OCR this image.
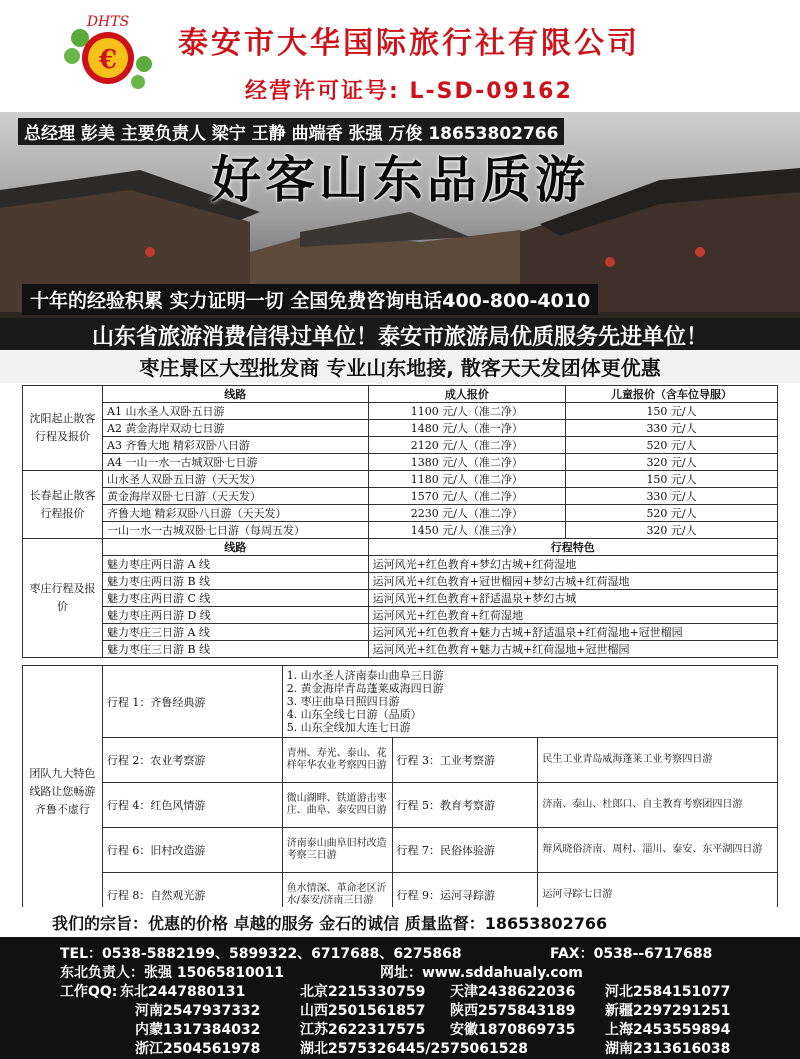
€
DHTS
泰安市大华国际旅行社有限公司
经营许可证号: L-SD-09162
总经理 彭美 主要负责人 梁宁 王静 曲端香 张强 万俊 18653802766
好客山东品质游
十年的经验积累 实力证明一切 全国免费咨询电话400-800-4010
山东省旅游消费信得过单位！泰安市旅游局优质服务先进单位！
枣庄景区大型批发商 专业山东地接, 散客天天发团体更优惠
沈阳起止散客行程及报价	线路	成人报价	儿童报价（含车位导服）
	A1 山水圣人双卧五日游	1100 元/人（准二净）	150 元/人
	A2 黄金海岸双动七日游	1480 元/人（准一净）	330 元/人
	A3 齐鲁大地 精彩双卧八日游	2120 元/人（准二净）	520 元/人
	A4 一山一水一古城双卧七日游	1380 元/人（准二净）	320 元/人
长春起止散客行程报价	山水圣人双卧五日游（天天发）	1180 元/人（准二净）	150 元/人
	黄金海岸双卧七日游（天天发）	1570 元/人（准二净）	330 元/人
	齐鲁大地 精彩双卧八日游（天天发）	2230 元/人（准二净）	520 元/人
	一山一水一古城双卧七日游（每周五发）	1450 元/人（准三净）	320 元/人
枣庄行程及报价	线路	行程特色	
	魅力枣庄两日游 A 线	运河风光+红色教育+梦幻古城+红荷湿地	
	魅力枣庄两日游 B 线	运河风光+红色教育+冠世榴园+梦幻古城+红荷湿地	
	魅力枣庄两日游 C 线	运河风光+红色教育+舒适温泉+梦幻古城	
	魅力枣庄两日游 D 线	运河风光+红色教育+红荷湿地	
	魅力枣庄三日游 A 线	运河风光+红色教育+魅力古城+舒适温泉+红荷湿地+冠世榴园	
	魅力枣庄三日游 B 线	运河风光+红色教育+魅力古城+红荷湿地+冠世榴园	
团队九大特色线路让您畅游齐鲁不虚行	行程 1：齐鲁经典游	1. 山水圣人济南泰山曲阜三日游
2. 黄金海岸青岛蓬莱威海四日游
3. 枣庄曲阜日照四日游
4. 山东全线七日游（品质）
5. 山东全线加大连七日游		

	行程 2：农业考察游	青州、寿光、泰山、花样年华农业考察四日游	行程 3：工业考察游	民生工业青岛威海蓬莱工业考察四日游
	行程 4：红色风情游	微山湖畔、铁道游击枣庄、曲阜、泰安四日游	行程 5：教育考察游	济南、泰山、杜郎口、自主教育考察团四日游
	行程 6：旧村改造游	济南泰山曲阜旧村改造考察三日游	行程 7：民俗体验游	辩风晓俗济南、周村、淄川、泰安、东平湖四日游
	行程 8：自然观光游	鱼水情深、革命老区沂水/泰安/济南三日游	行程 9：运河寻踪游	运河寻踪七日游
我们的宗旨：优惠的价格 卓越的服务 金石的诚信 质量监督：18653802766
TEL：0538-5882199、5899322、6717688、6275868	FAX：0538--6717688
东北负责人：张强 15065810011	网址：www.sddahualy.com
工作QQ: 东北2447880131	北京2215330759 天津2438622036 河北2584151077
河南2547937332	山西2501561857 陕西2575843189 新疆2297291251
内蒙1317384032	江苏2622317575 安徽1870869735 上海2453559894
浙江2504561978	湖北2575326445/2575061528	湖南2313616038
